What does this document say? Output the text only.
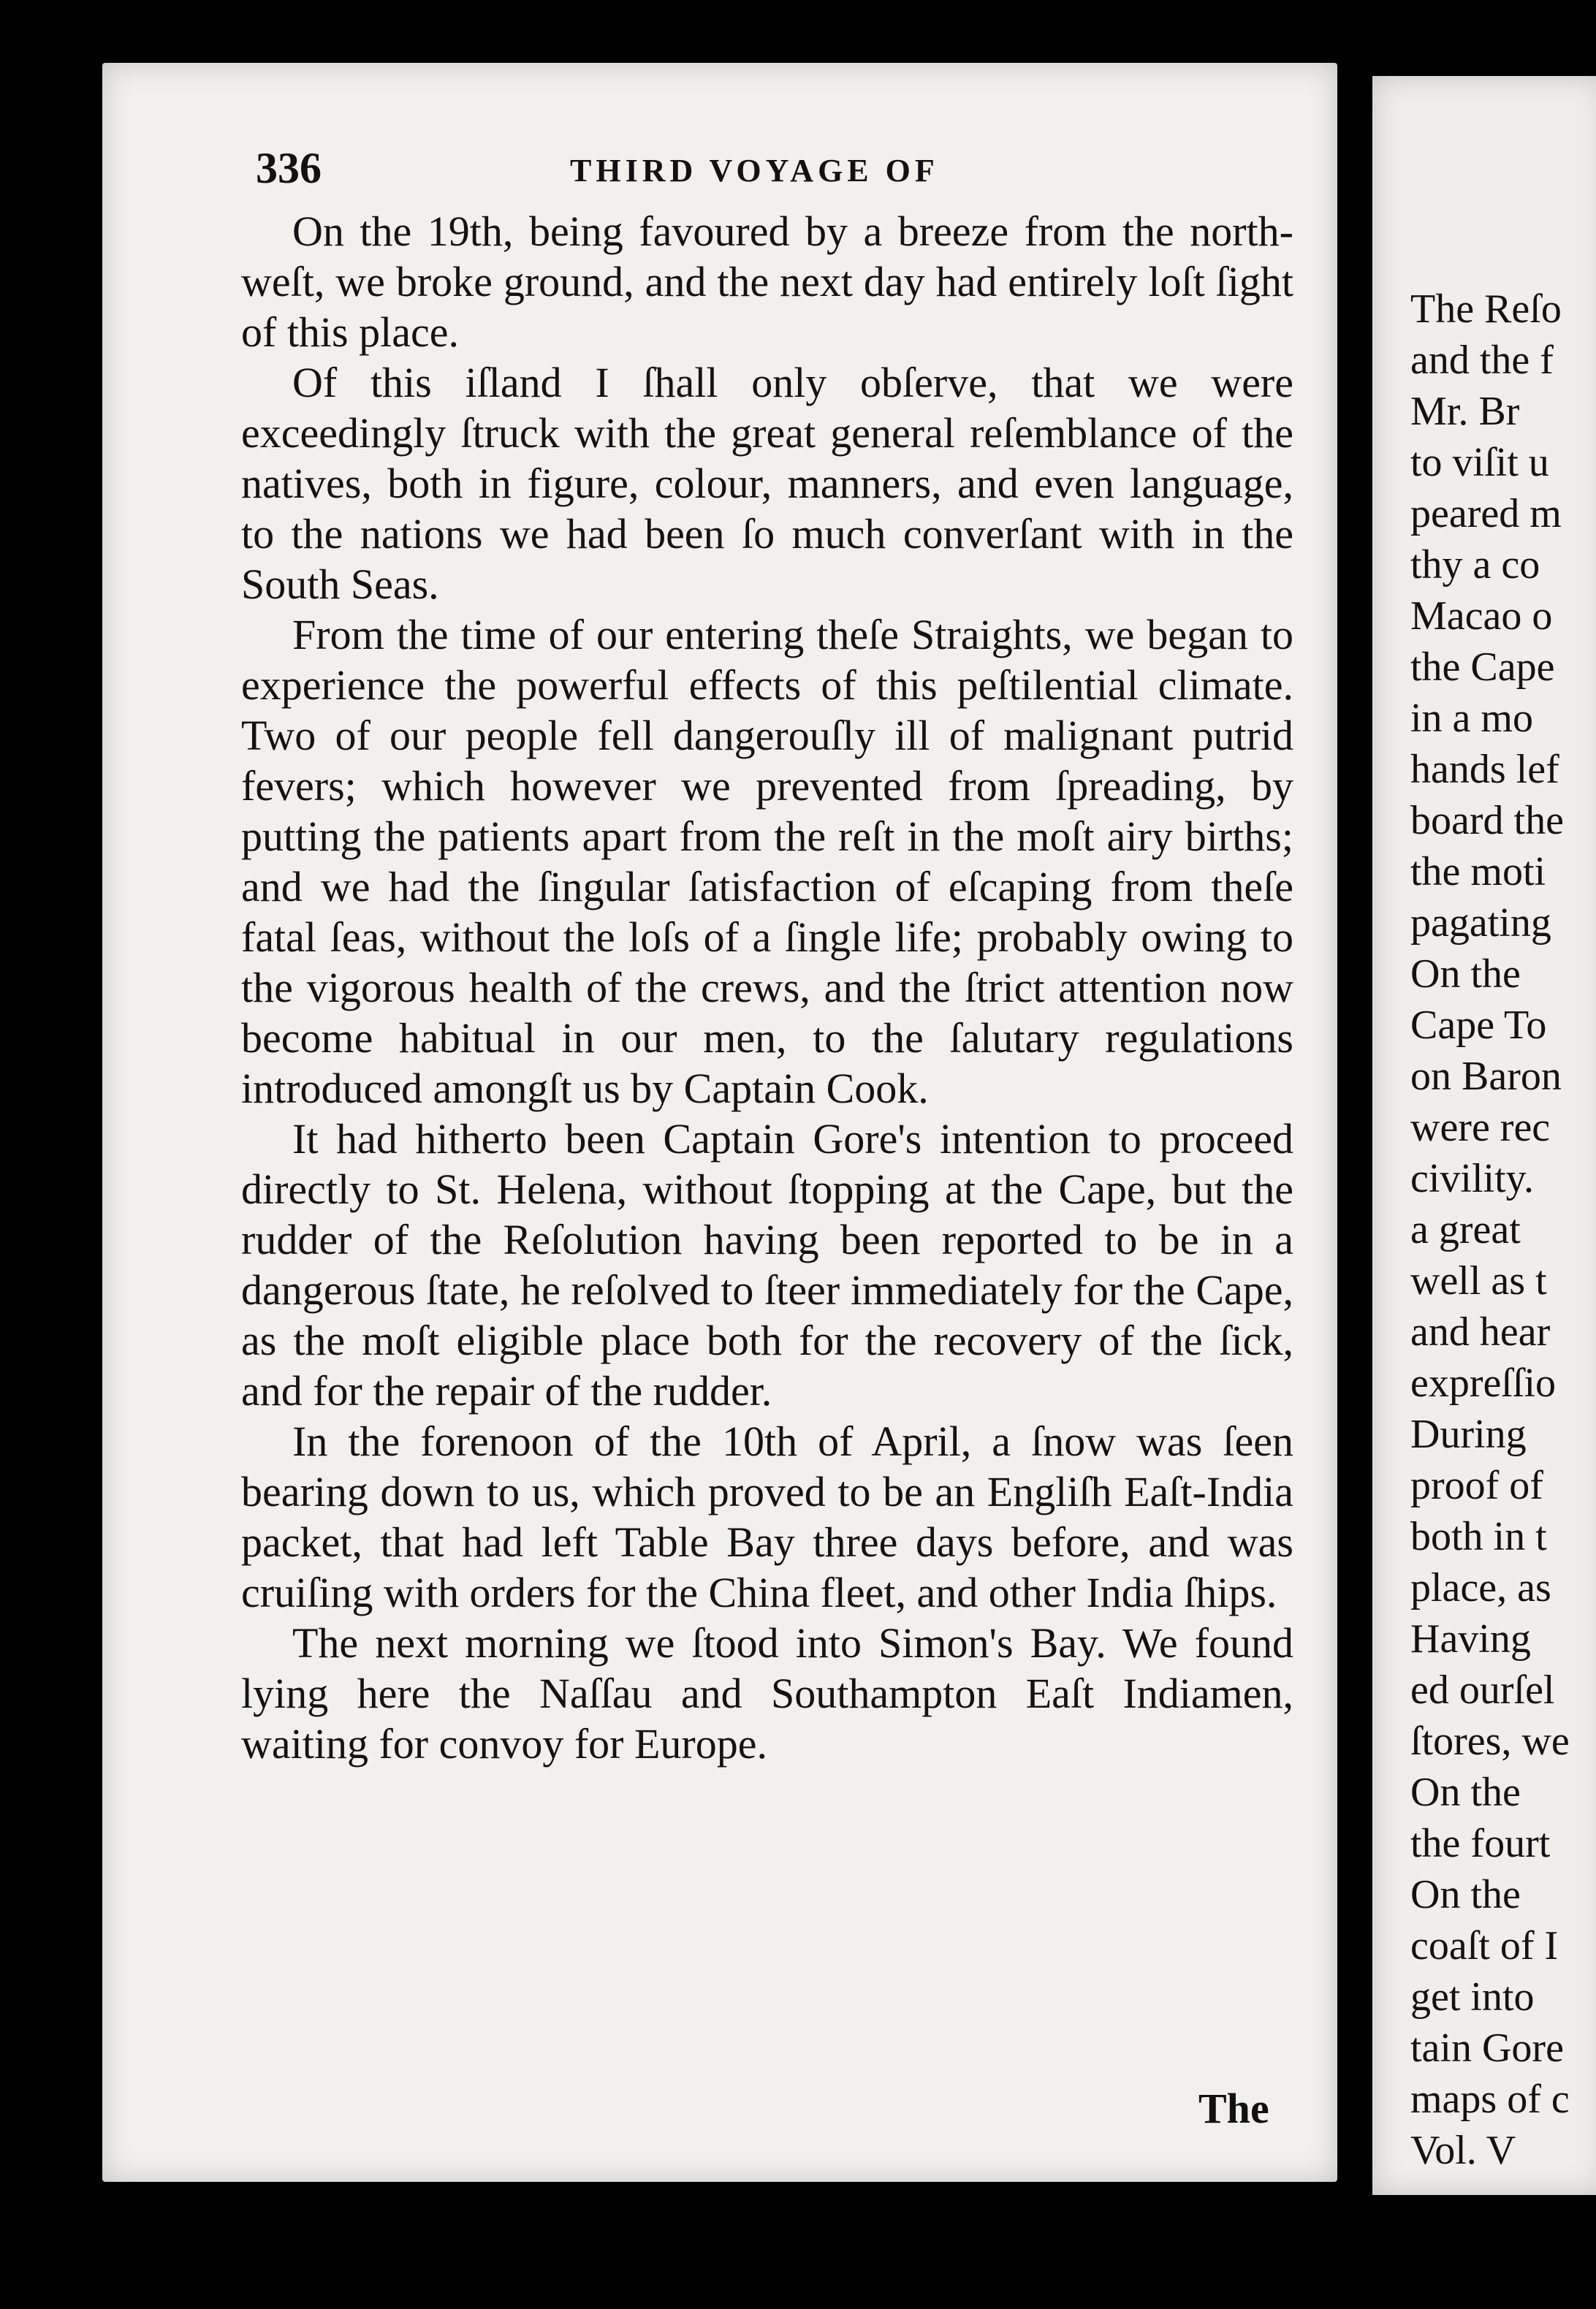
The Reſo
and the f
Mr. Br
to viſit u
peared m
thy a co
Macao o
the Cape
in a mo
hands lef
board the
the moti
pagating
On the
Cape To
on Baron
were rec
civility.
a great
well as t
and hear
expreſſio
During
proof of
both in t
place, as
Having
ed ourſel
ſtores, we
On the
the fourt
On the
coaſt of I
get into
tain Gore
maps of c
Vol. V
336	THIRD VOYAGE OF

On the 19th, being favoured by a breeze from the north-weſt, we broke ground, and the next day had entirely loſt ſight of this place.

Of this iſland I ſhall only obſerve, that we were exceedingly ſtruck with the great general reſemblance of the natives, both in figure, colour, manners, and even language, to the nations we had been ſo much converſant with in the South Seas.

From the time of our entering theſe Straights, we began to experience the powerful effects of this peſtilential climate. Two of our people fell dangerouſly ill of malignant putrid fevers; which however we prevented from ſpreading, by putting the patients apart from the reſt in the moſt airy births; and we had the ſingular ſatisfaction of eſcaping from theſe fatal ſeas, without the loſs of a ſingle life; probably owing to the vigorous health of the crews, and the ſtrict attention now become habitual in our men, to the ſalutary regulations introduced amongſt us by Captain Cook.

It had hitherto been Captain Gore's intention to proceed directly to St. Helena, without ſtopping at the Cape, but the rudder of the Reſolution having been reported to be in a dangerous ſtate, he reſolved to ſteer immediately for the Cape, as the moſt eligible place both for the recovery of the ſick, and for the repair of the rudder.

In the forenoon of the 10th of April, a ſnow was ſeen bearing down to us, which proved to be an Engliſh Eaſt-India packet, that had left Table Bay three days before, and was cruiſing with orders for the China fleet, and other India ſhips.

The next morning we ſtood into Simon's Bay. We found lying here the Naſſau and Southampton Eaſt Indiamen, waiting for convoy for Europe.

The
